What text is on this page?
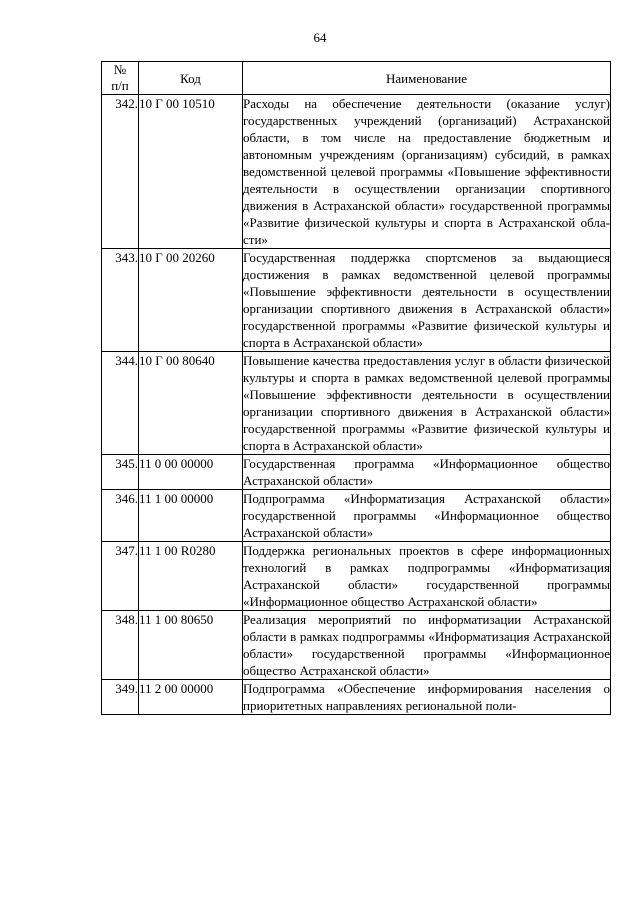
64
№
п/п	Код	Наименование
342.	10 Г 00 10510	Расходы на обеспечение деятельности (оказание услуг) государственных учреждений (организаций) Астраханской области, в том числе на предоставление бюджетным и автономным учреждениям (организациям) субсидий, в рамках ведомственной целевой программы «Повышение эффективности деятельности в осуществлении организации спортивного движения в Астраханской области» государственной программы «Развитие физической культуры и спорта в Астраханской области»
343.	10 Г 00 20260	Государственная поддержка спортсменов за выдающиеся достижения в рамках ведомственной целевой программы «Повышение эффективности деятельности в осуществлении организации спортивного движения в Астраханской области» государственной программы «Развитие физической культуры и спорта в Астраханской области»
344.	10 Г 00 80640	Повышение качества предоставления услуг в области физической культуры и спорта в рамках ведомственной целевой программы «Повышение эффективности деятельности в осуществлении организации спортивного движения в Астраханской области» государственной программы «Развитие физической культуры и спорта в Астраханской области»
345.	11 0 00 00000	Государственная программа «Информационное общество Астраханской области»
346.	11 1 00 00000	Подпрограмма «Информатизация Астраханской области» государственной программы «Информационное общество Астраханской области»
347.	11 1 00 R0280	Поддержка региональных проектов в сфере информационных технологий в рамках подпрограммы «Информатизация Астраханской области» государственной программы «Информационное общество Астраханской области»
348.	11 1 00 80650	Реализация мероприятий по информатизации Астраханской области в рамках подпрограммы «Информатизация Астраханской области» государственной программы «Информационное общество Астраханской области»
349.	11 2 00 00000	Подпрограмма «Обеспечение информирования населения о приоритетных направлениях региональной поли-
